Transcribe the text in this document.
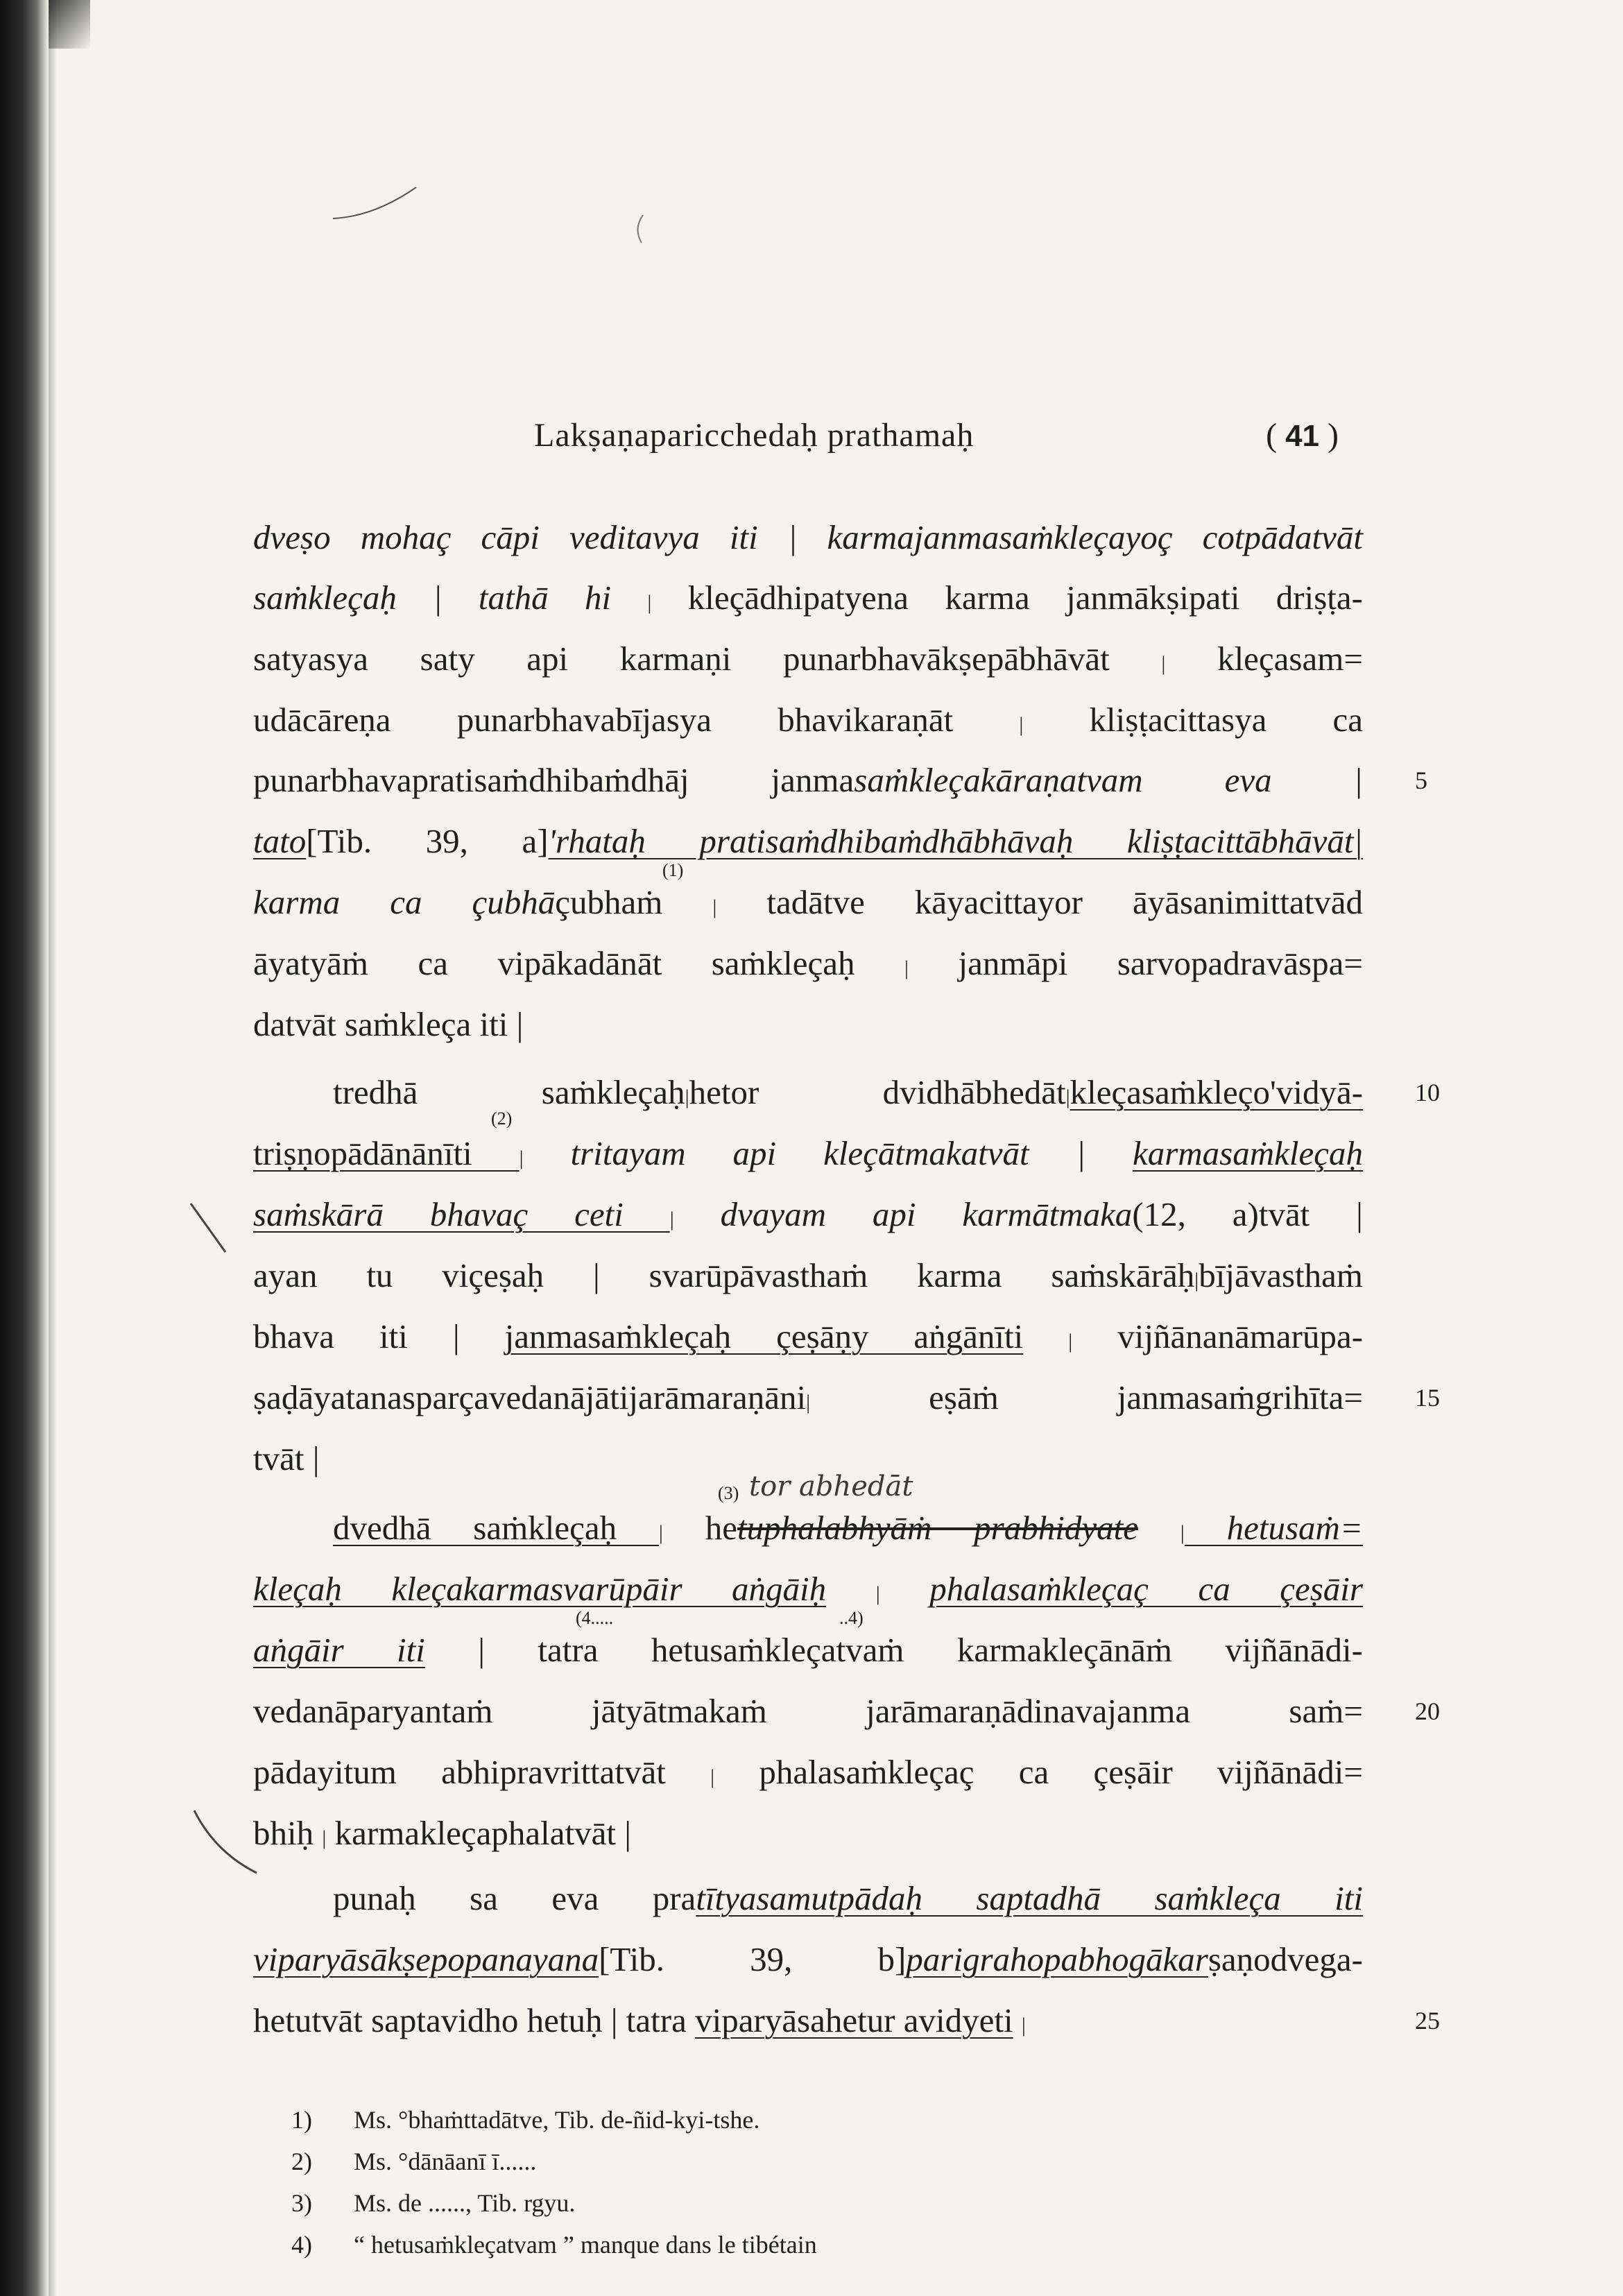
Lakṣaṇaparicchedaḥ prathamaḥ	( 41 )
dveṣo mohaç cāpi veditavya iti | karmajanmasaṁkleçayoç cotpādatvāt
saṁkleçaḥ | tathā hi | kleçādhipatyena karma janmākṣipati driṣṭa-
satyasya saty api karmaṇi punarbhavākṣepābhāvāt | kleçasam=
udācāreṇa punarbhavabījasya bhavikaraṇāt | kliṣṭacittasya ca
punarbhavapratisaṁdhibaṁdhāj janmasaṁkleçakāraṇatvam eva |
tato[Tib. 39, a]'rhataḥ pratisaṁdhibaṁdhābhāvaḥ kliṣṭacittābhāvāt|
karma ca çubhāçubhaṁ | tadātve kāyacittayor āyāsanimittatvād
āyatyāṁ ca vipākadānāt saṁkleçaḥ | janmāpi sarvopadravāspa=
datvāt saṁkleça iti |
tredhā saṁkleçaḥ|hetor dvidhābhedāt|kleçasaṁkleço'vidyā-
triṣṇopādānānīti | tritayam api kleçātmakatvāt | karmasaṁkleçaḥ
saṁskārā bhavaç ceti | dvayam api karmātmaka(12, a)tvāt |
ayan tu viçeṣaḥ | svarūpāvasthaṁ karma saṁskārāḥ|bījāvasthaṁ
bhava iti | janmasaṁkleçaḥ çeṣāṇy aṅgānīti | vijñānanāmarūpa-
ṣaḍāyatanasparçavedanājātijarāmaraṇāni| eṣāṁ janmasaṁgrihīta=
tvāt |
dvedhā saṁkleçaḥ | hetuphalabhyāṁ prabhidyate | hetusaṁ=
kleçaḥ kleçakarmasvarūpāir aṅgāiḥ | phalasaṁkleçaç ca çeṣāir
aṅgāir iti | tatra hetusaṁkleçatvaṁ karmakleçānāṁ vijñānādi-
vedanāparyantaṁ jātyātmakaṁ jarāmaraṇādinavajanma saṁ=
pādayitum abhipravrittatvāt | phalasaṁkleçaç ca çeṣāir vijñānādi=
bhiḥ | karmakleçaphalatvāt |
punaḥ sa eva pratītyasamutpādaḥ saptadhā saṁkleça iti
viparyāsākṣepopanayana[Tib. 39, b]parigrahopabhogākarṣaṇodvega-
hetutvāt saptavidho hetuḥ | tatra viparyāsahetur avidyeti |
5
10
15
20
25
(1)
(2)
(3)
(4.....	..4)
tor abhedāt
1) Ms. °bhaṁttadātve, Tib. de-ñid-kyi-tshe.
2) Ms. °dānāanī ī......
3) Ms. de ......, Tib. rgyu.
4) “ hetusaṁkleçatvam ” manque dans le tibétain
